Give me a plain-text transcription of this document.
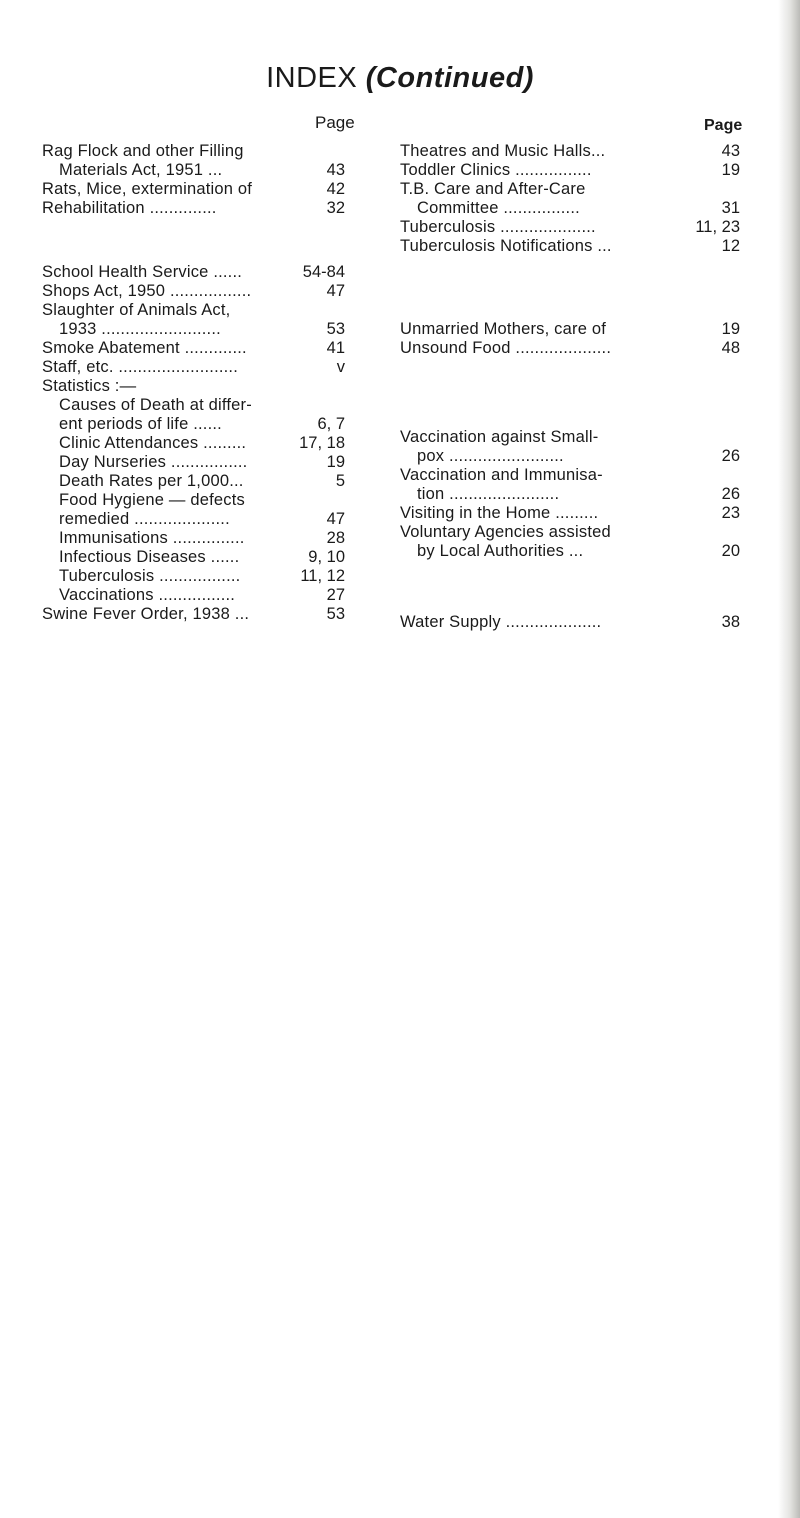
INDEX (Continued)
Page
Rag Flock and other Filling
Materials Act, 1951 ...	43
Rats, Mice, extermination of	42
Rehabilitation ..............	32
School Health Service ......	54-84
Shops Act, 1950 .................	47
Slaughter of Animals Act,
1933 .........................	53
Smoke Abatement .............	41
Staff, etc. .........................	v
Statistics :—
Causes of Death at differ-
ent periods of life ......	6, 7
Clinic Attendances .........	17, 18
Day Nurseries ................	19
Death Rates per 1,000...	5
Food Hygiene — defects
remedied ....................	47
Immunisations ...............	28
Infectious Diseases ......	9, 10
Tuberculosis .................	11, 12
Vaccinations ................	27
Swine Fever Order, 1938 ...	53
Page
Theatres and Music Halls...	43
Toddler Clinics ................	19
T.B. Care and After-Care
Committee ................	31
Tuberculosis ....................	11, 23
Tuberculosis Notifications ...	12
Unmarried Mothers, care of	19
Unsound Food ....................	48
Vaccination against Small-
pox ........................	26
Vaccination and Immunisa-
tion .......................	26
Visiting in the Home .........	23
Voluntary Agencies assisted
by Local Authorities ...	20
Water Supply ....................	38
